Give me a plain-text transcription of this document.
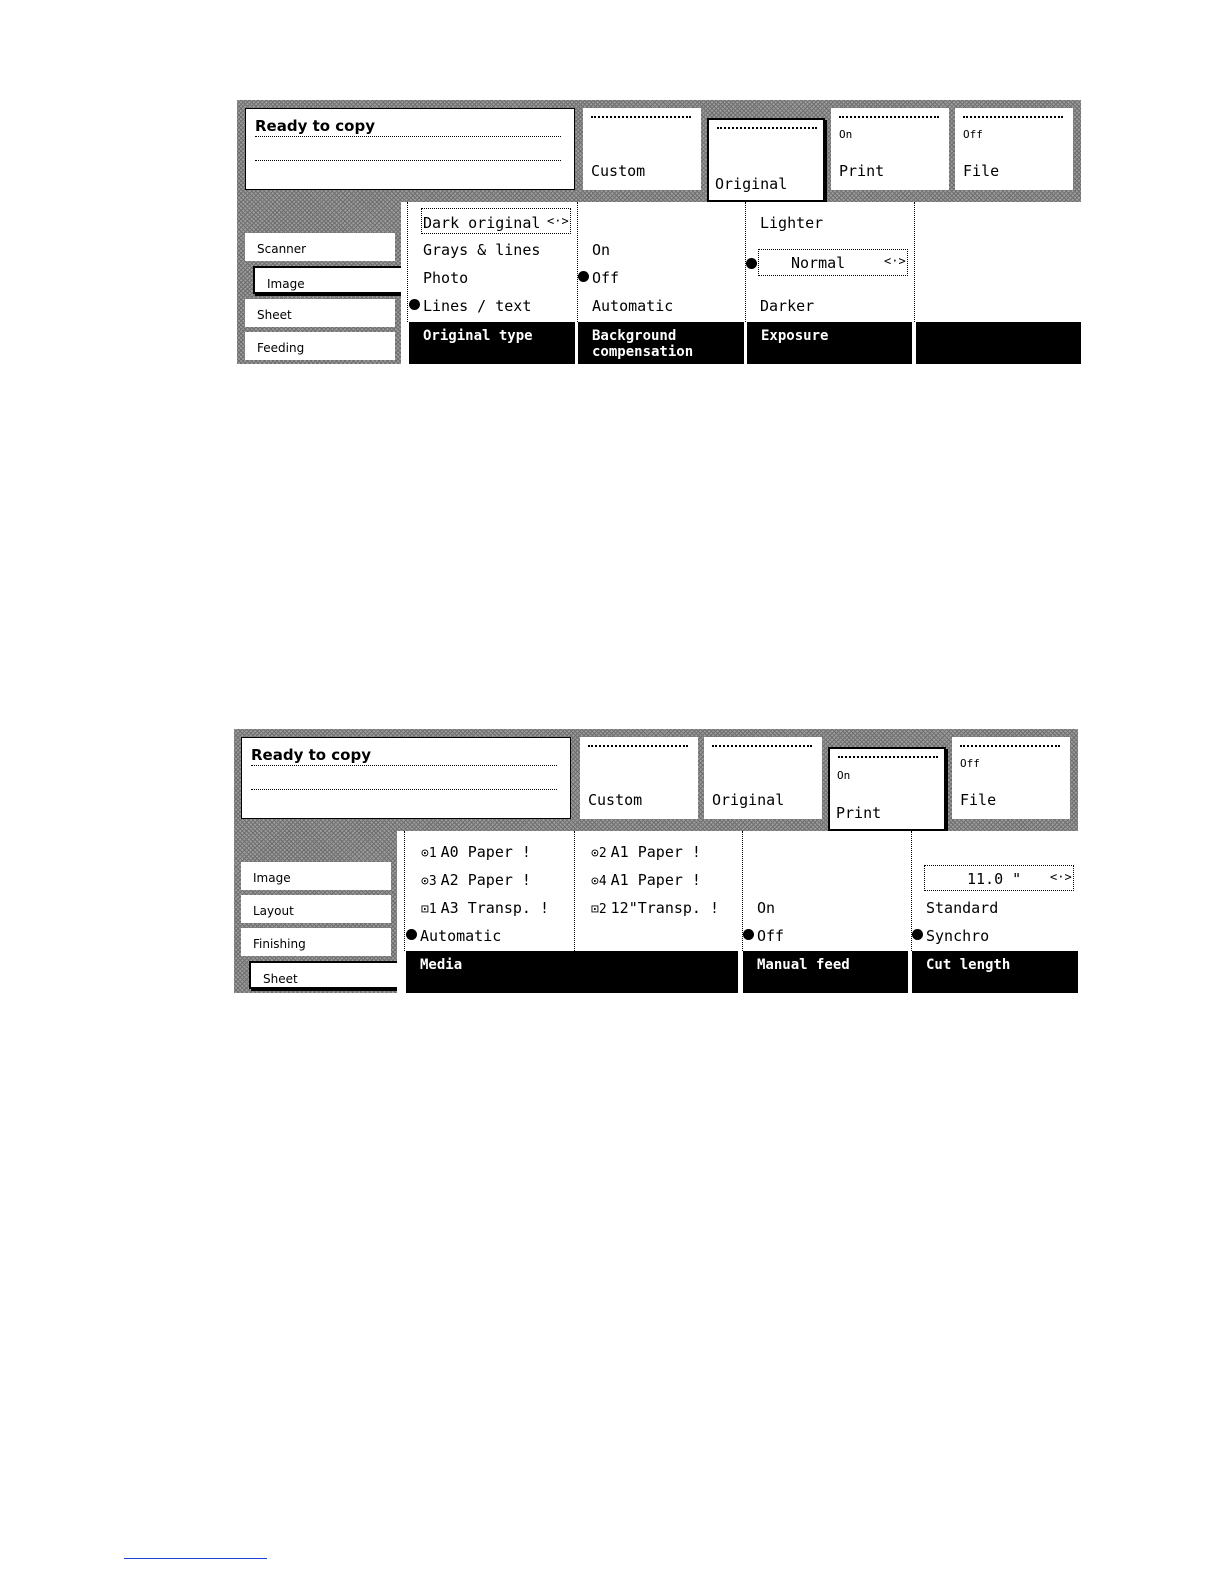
Ready to copy
Custom
Original
On
Print
Off
File
Scanner
Image
Sheet
Feeding
Dark original <·>
Grays & lines
Photo
Lines / text
On
Off
Automatic
Lighter
Normal	<·>
Darker
Original type	Background
compensation
Exposure
Ready to copy
Custom	Original
On
Print
Off
File
Image
Layout
Finishing
Sheet
⊙1 A0 Paper !
⊙3 A2 Paper !
⊡1 A3 Transp. !
Automatic
⊙2 A1 Paper !
⊙4 A1 Paper !
⊡2 12"Transp. !	On
Off
11.0 " <·>
Standard
Synchro
Media	Manual feed	Cut length
